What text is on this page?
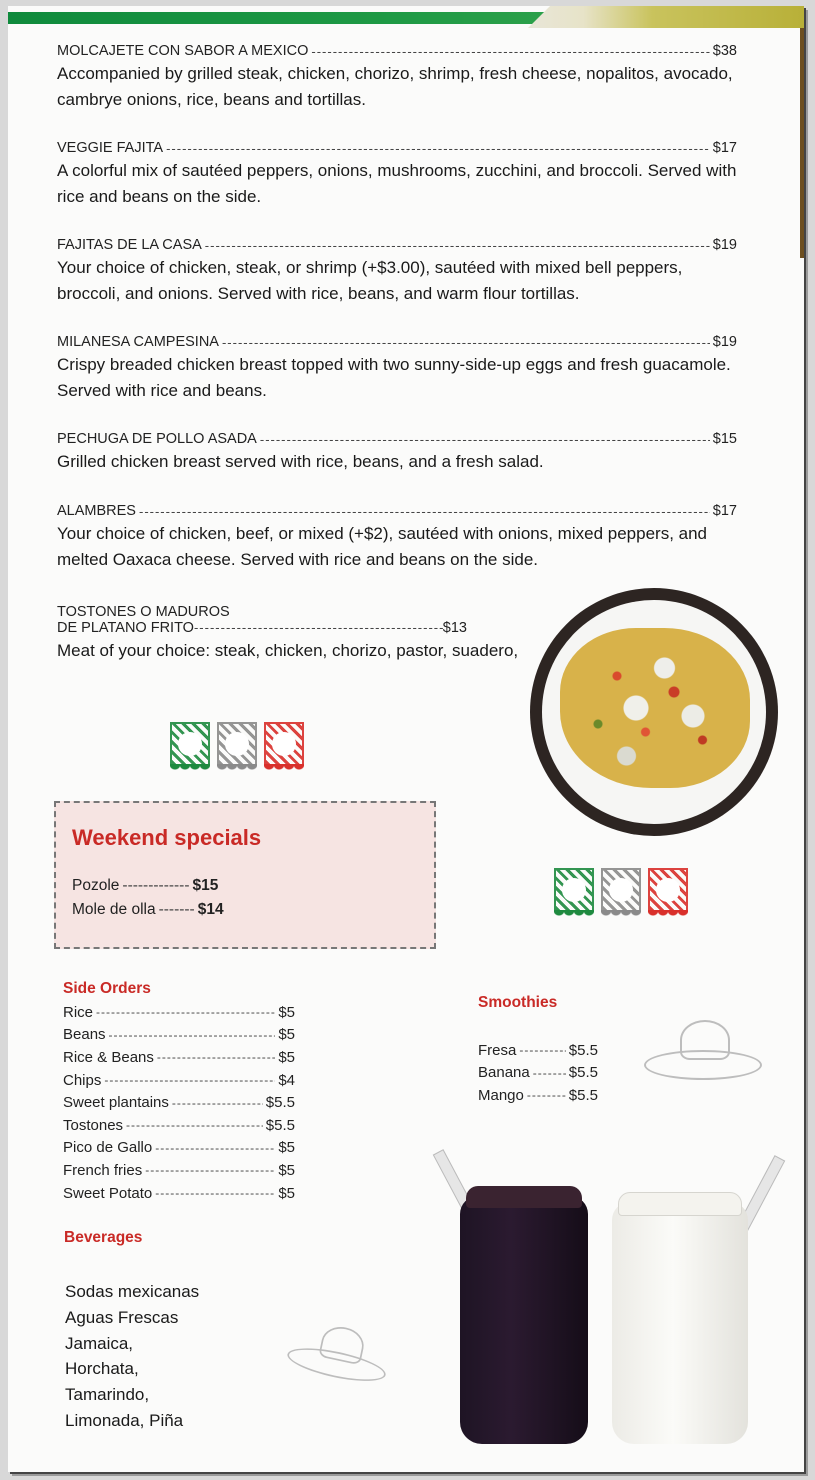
MOLCAJETE CON SABOR A MEXICO -----	$38
Accompanied by grilled steak, chicken, chorizo, shrimp, fresh cheese, nopalitos, avocado, cambrye onions, rice, beans and tortillas.
VEGGIE FAJITA -----	$17
A colorful mix of sautéed peppers, onions, mushrooms, zucchini, and broccoli. Served with rice and beans on the side.
FAJITAS DE LA CASA -----	$19
Your choice of chicken, steak, or shrimp (+$3.00), sautéed with mixed bell peppers, broccoli, and onions. Served with rice, beans, and warm flour tortillas.
MILANESA CAMPESINA -----	$19
Crispy breaded chicken breast topped with two sunny-side-up eggs and fresh guacamole. Served with rice and beans.
PECHUGA DE POLLO ASADA -----	$15
Grilled chicken breast served with rice, beans, and a fresh salad.
ALAMBRES -----	$17
Your choice of chicken, beef, or mixed (+$2), sautéed with onions, mixed peppers, and melted Oaxaca cheese. Served with rice and beans on the side.
TOSTONES O MADUROS
DE PLATANO FRITO -----	$13
Meat of your choice: steak, chicken, chorizo, pastor, suadero,
Weekend specials
Pozole ------------- $15
Mole de olla ------- $14
Side Orders
Rice -----	$5
Beans -----	$5
Rice & Beans -----	$5
Chips -----	$4
Sweet plantains -----	$5.5
Tostones -----	$5.5
Pico de Gallo -----	$5
French fries -----	$5
Sweet Potato -----	$5
Beverages
Sodas mexicanas
Aguas Frescas
Jamaica,
Horchata,
Tamarindo,
Limonada, Piña
Smoothies
Fresa -----	$5.5
Banana -----	$5.5
Mango -----	$5.5
